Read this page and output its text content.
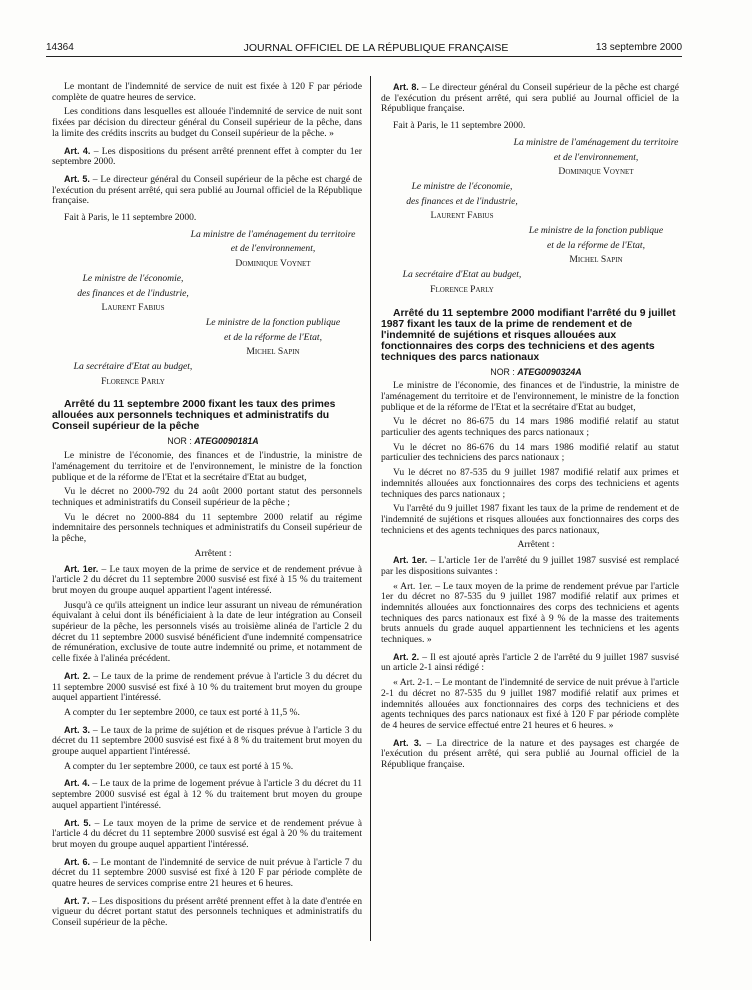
14364	JOURNAL OFFICIEL DE LA RÉPUBLIQUE FRANÇAISE	13 septembre 2000

Le montant de l'indemnité de service de nuit est fixée à 120 F par période complète de quatre heures de service.

Les conditions dans lesquelles est allouée l'indemnité de service de nuit sont fixées par décision du directeur général du Conseil supérieur de la pêche, dans la limite des crédits inscrits au budget du Conseil supérieur de la pêche. »

Art. 4. – Les dispositions du présent arrêté prennent effet à compter du 1er septembre 2000.

Art. 5. – Le directeur général du Conseil supérieur de la pêche est chargé de l'exécution du présent arrêté, qui sera publié au Journal officiel de la République française.

Fait à Paris, le 11 septembre 2000.

La ministre de l'aménagement du territoire

et de l'environnement,

Dominique Voynet

Le ministre de l'économie,

des finances et de l'industrie,

Laurent Fabius

Le ministre de la fonction publique

et de la réforme de l'Etat,

Michel Sapin

La secrétaire d'Etat au budget,

Florence Parly

Arrêté du 11 septembre 2000 fixant les taux des primes allouées aux personnels techniques et administratifs du Conseil supérieur de la pêche

NOR : ATEG0090181A

Le ministre de l'économie, des finances et de l'industrie, la ministre de l'aménagement du territoire et de l'environnement, le ministre de la fonction publique et de la réforme de l'Etat et la secrétaire d'Etat au budget,

Vu le décret no 2000-792 du 24 août 2000 portant statut des personnels techniques et administratifs du Conseil supérieur de la pêche ;

Vu le décret no 2000-884 du 11 septembre 2000 relatif au régime indemnitaire des personnels techniques et administratifs du Conseil supérieur de la pêche,

Arrêtent :

Art. 1er. – Le taux moyen de la prime de service et de rendement prévue à l'article 2 du décret du 11 septembre 2000 susvisé est fixé à 15 % du traitement brut moyen du groupe auquel appartient l'agent intéressé.

Jusqu'à ce qu'ils atteignent un indice leur assurant un niveau de rémunération équivalant à celui dont ils bénéficiaient à la date de leur intégration au Conseil supérieur de la pêche, les personnels visés au troisième alinéa de l'article 2 du décret du 11 septembre 2000 susvisé bénéficient d'une indemnité compensatrice de rémunération, exclusive de toute autre indemnité ou prime, et notamment de celle fixée à l'alinéa précédent.

Art. 2. – Le taux de la prime de rendement prévue à l'article 3 du décret du 11 septembre 2000 susvisé est fixé à 10 % du traitement brut moyen du groupe auquel appartient l'intéressé.

A compter du 1er septembre 2000, ce taux est porté à 11,5 %.

Art. 3. – Le taux de la prime de sujétion et de risques prévue à l'article 3 du décret du 11 septembre 2000 susvisé est fixé à 8 % du traitement brut moyen du groupe auquel appartient l'intéressé.

A compter du 1er septembre 2000, ce taux est porté à 15 %.

Art. 4. – Le taux de la prime de logement prévue à l'article 3 du décret du 11 septembre 2000 susvisé est égal à 12 % du traitement brut moyen du groupe auquel appartient l'intéressé.

Art. 5. – Le taux moyen de la prime de service et de rendement prévue à l'article 4 du décret du 11 septembre 2000 susvisé est égal à 20 % du traitement brut moyen du groupe auquel appartient l'intéressé.

Art. 6. – Le montant de l'indemnité de service de nuit prévue à l'article 7 du décret du 11 septembre 2000 susvisé est fixé à 120 F par période complète de quatre heures de services comprise entre 21 heures et 6 heures.

Art. 7. – Les dispositions du présent arrêté prennent effet à la date d'entrée en vigueur du décret portant statut des personnels techniques et administratifs du Conseil supérieur de la pêche.

Art. 8. – Le directeur général du Conseil supérieur de la pêche est chargé de l'exécution du présent arrêté, qui sera publié au Journal officiel de la République française.

Fait à Paris, le 11 septembre 2000.

La ministre de l'aménagement du territoire

et de l'environnement,

Dominique Voynet

Le ministre de l'économie,

des finances et de l'industrie,

Laurent Fabius

Le ministre de la fonction publique

et de la réforme de l'Etat,

Michel Sapin

La secrétaire d'Etat au budget,

Florence Parly

Arrêté du 11 septembre 2000 modifiant l'arrêté du 9 juillet 1987 fixant les taux de la prime de rendement et de l'indemnité de sujétions et risques allouées aux fonctionnaires des corps des techniciens et des agents techniques des parcs nationaux

NOR : ATEG0090324A

Le ministre de l'économie, des finances et de l'industrie, la ministre de l'aménagement du territoire et de l'environnement, le ministre de la fonction publique et de la réforme de l'Etat et la secrétaire d'Etat au budget,

Vu le décret no 86-675 du 14 mars 1986 modifié relatif au statut particulier des agents techniques des parcs nationaux ;

Vu le décret no 86-676 du 14 mars 1986 modifié relatif au statut particulier des techniciens des parcs nationaux ;

Vu le décret no 87-535 du 9 juillet 1987 modifié relatif aux primes et indemnités allouées aux fonctionnaires des corps des techniciens et agents techniques des parcs nationaux ;

Vu l'arrêté du 9 juillet 1987 fixant les taux de la prime de rendement et de l'indemnité de sujétions et risques allouées aux fonctionnaires des corps des techniciens et des agents techniques des parcs nationaux,

Arrêtent :

Art. 1er. – L'article 1er de l'arrêté du 9 juillet 1987 susvisé est remplacé par les dispositions suivantes :

« Art. 1er. – Le taux moyen de la prime de rendement prévue par l'article 1er du décret no 87-535 du 9 juillet 1987 modifié relatif aux primes et indemnités allouées aux fonctionnaires des corps des techniciens et agents techniques des parcs nationaux est fixé à 9 % de la masse des traitements bruts annuels du grade auquel appartiennent les techniciens et les agents techniques. »

Art. 2. – Il est ajouté après l'article 2 de l'arrêté du 9 juillet 1987 susvisé un article 2-1 ainsi rédigé :

« Art. 2-1. – Le montant de l'indemnité de service de nuit prévue à l'article 2-1 du décret no 87-535 du 9 juillet 1987 modifié relatif aux primes et indemnités allouées aux fonctionnaires des corps des techniciens et des agents techniques des parcs nationaux est fixé à 120 F par période complète de 4 heures de service effectué entre 21 heures et 6 heures. »

Art. 3. – La directrice de la nature et des paysages est chargée de l'exécution du présent arrêté, qui sera publié au Journal officiel de la République française.
